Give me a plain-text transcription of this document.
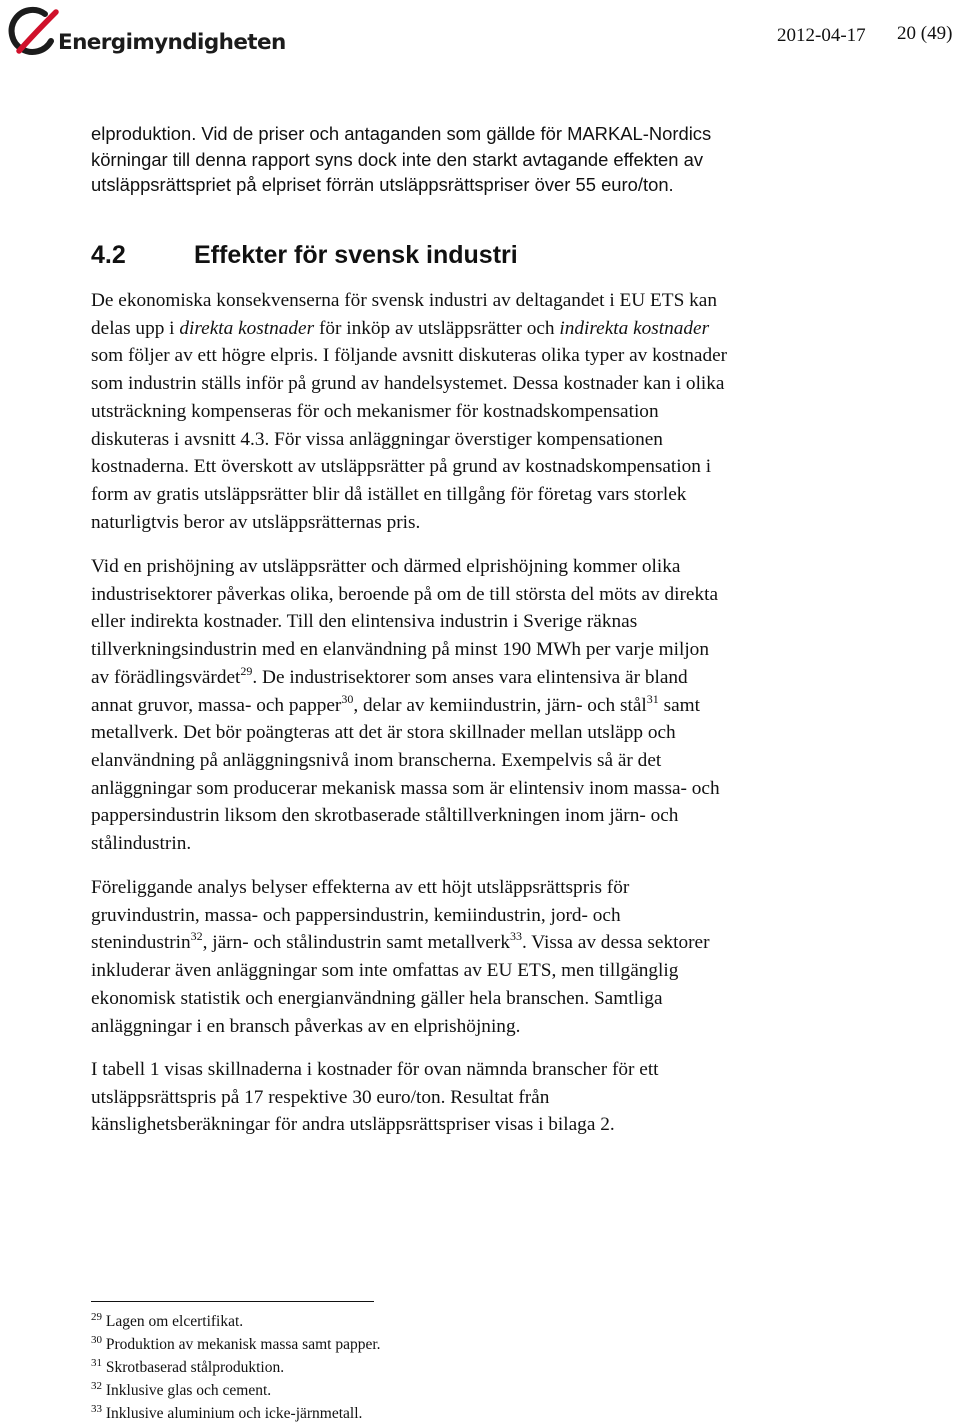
Energimyndigheten	2012-04-17 20 (49)
elproduktion. Vid de priser och antaganden som gällde för MARKAL-Nordics
körningar till denna rapport syns dock inte den starkt avtagande effekten av
utsläppsrättspriet på elpriset förrän utsläppsrättspriser över 55 euro/ton.
4.2	Effekter för svensk industri
De ekonomiska konsekvenserna för svensk industri av deltagandet i EU ETS kan
delas upp i direkta kostnader för inköp av utsläppsrätter och indirekta kostnader
som följer av ett högre elpris. I följande avsnitt diskuteras olika typer av kostnader
som industrin ställs inför på grund av handelsystemet. Dessa kostnader kan i olika
utsträckning kompenseras för och mekanismer för kostnadskompensation
diskuteras i avsnitt 4.3. För vissa anläggningar överstiger kompensationen
kostnaderna. Ett överskott av utsläppsrätter på grund av kostnadskompensation i
form av gratis utsläppsrätter blir då istället en tillgång för företag vars storlek
naturligtvis beror av utsläppsrätternas pris.
Vid en prishöjning av utsläppsrätter och därmed elprishöjning kommer olika
industrisektorer påverkas olika, beroende på om de till största del möts av direkta
eller indirekta kostnader. Till den elintensiva industrin i Sverige räknas
tillverkningsindustrin med en elanvändning på minst 190 MWh per varje miljon
av förädlingsvärdet$^{29}$. De industrisektorer som anses vara elintensiva är bland
annat gruvor, massa- och papper$^{30}$, delar av kemiindustrin, järn- och stål$^{31}$ samt
metallverk. Det bör poängteras att det är stora skillnader mellan utsläpp och
elanvändning på anläggningsnivå inom branscherna. Exempelvis så är det
anläggningar som producerar mekanisk massa som är elintensiv inom massa- och
pappersindustrin liksom den skrotbaserade ståltillverkningen inom järn- och
stålindustrin.
Föreliggande analys belyser effekterna av ett höjt utsläppsrättspris för
gruvindustrin, massa- och pappersindustrin, kemiindustrin, jord- och
stenindustrin$^{32}$, järn- och stålindustrin samt metallverk$^{33}$. Vissa av dessa sektorer
inkluderar även anläggningar som inte omfattas av EU ETS, men tillgänglig
ekonomisk statistik och energianvändning gäller hela branschen. Samtliga
anläggningar i en bransch påverkas av en elprishöjning.
I tabell 1 visas skillnaderna i kostnader för ovan nämnda branscher för ett
utsläppsrättspris på 17 respektive 30 euro/ton. Resultat från
känslighetsberäkningar för andra utsläppsrättspriser visas i bilaga 2.
$^{29}$ Lagen om elcertifikat.
$^{30}$ Produktion av mekanisk massa samt papper.
$^{31}$ Skrotbaserad stålproduktion.
$^{32}$ Inklusive glas och cement.
$^{33}$ Inklusive aluminium och icke-järnmetall.
